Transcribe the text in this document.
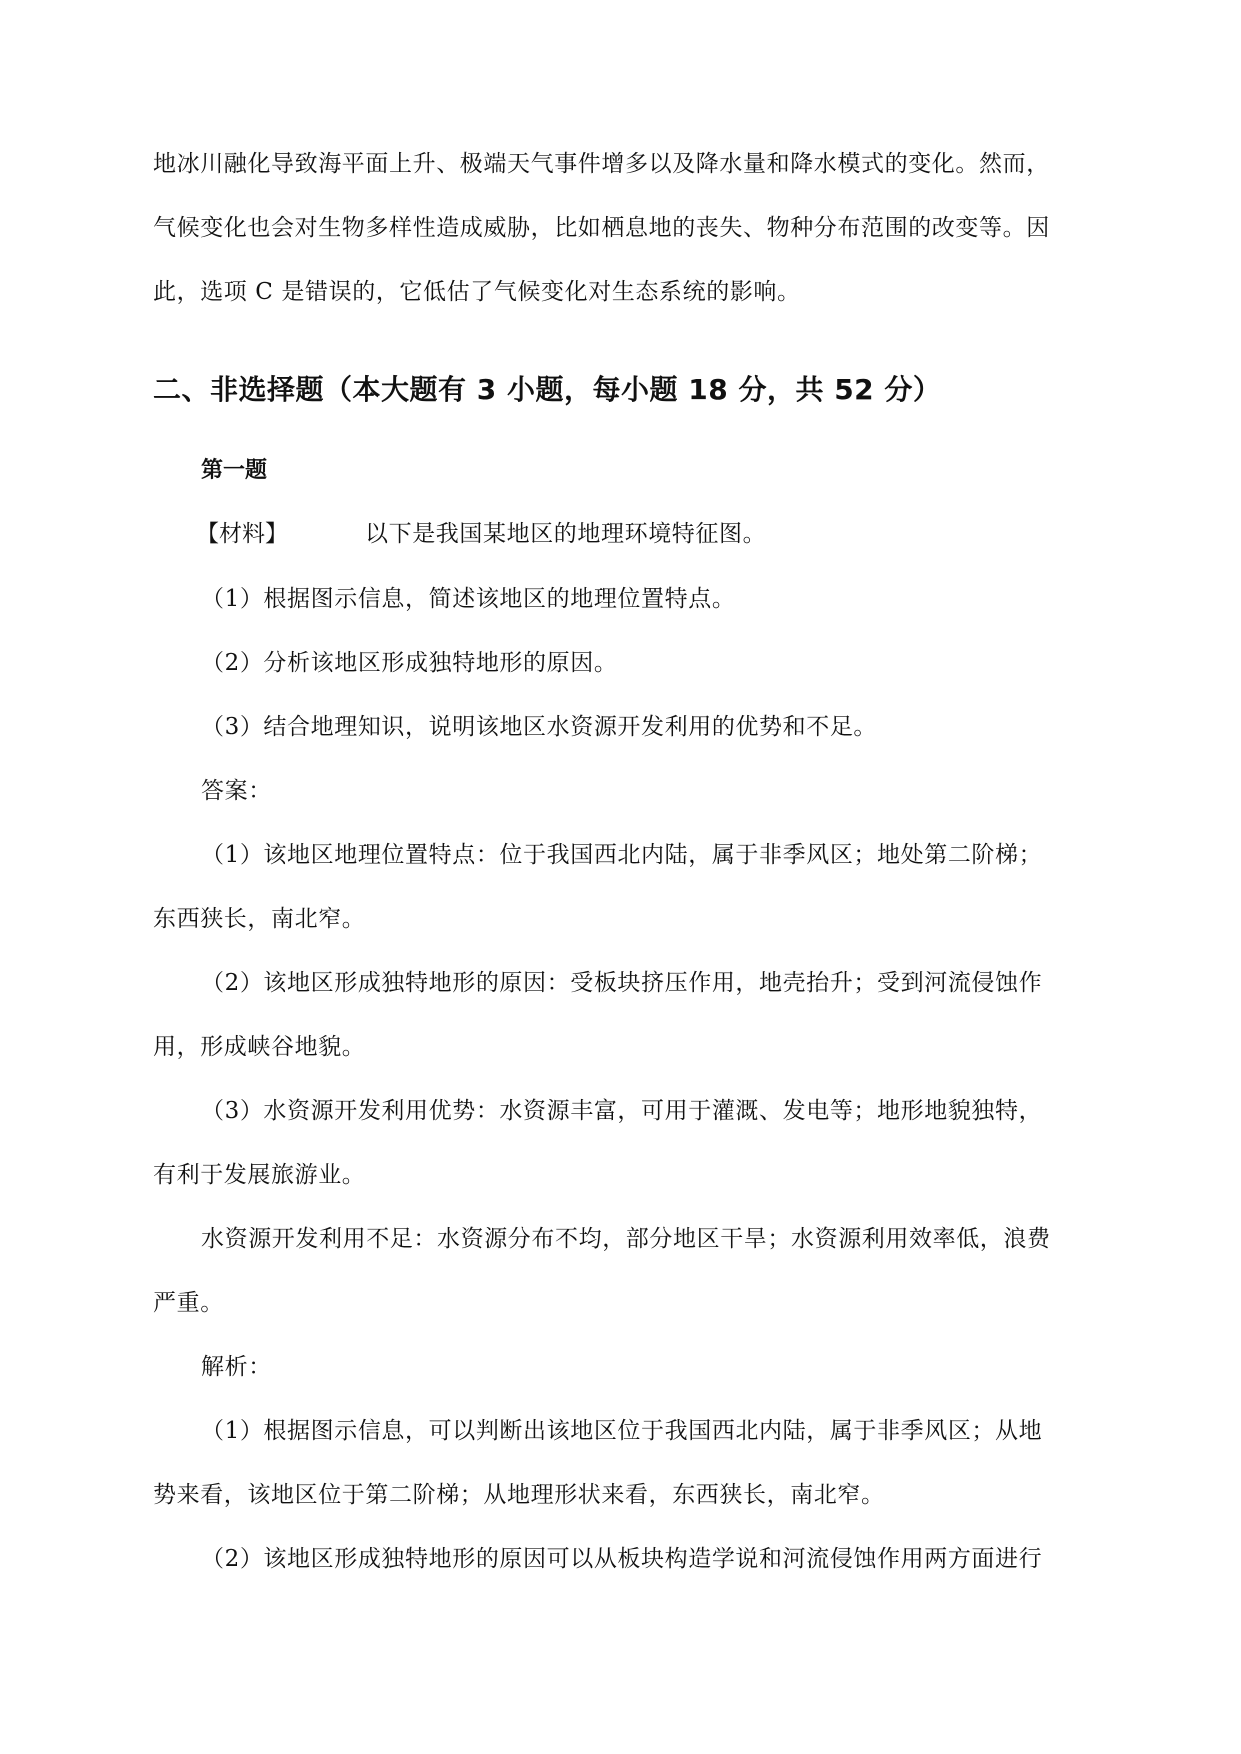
地冰川融化导致海平面上升、极端天气事件增多以及降水量和降水模式的变化。然而，
气候变化也会对生物多样性造成威胁，比如栖息地的丧失、物种分布范围的改变等。因
此，选项 C 是错误的，它低估了气候变化对生态系统的影响。
二、非选择题（本大题有 3 小题，每小题 18 分，共 52 分）
第一题
【材料】	以下是我国某地区的地理环境特征图。
（1）根据图示信息，简述该地区的地理位置特点。
（2）分析该地区形成独特地形的原因。
（3）结合地理知识，说明该地区水资源开发利用的优势和不足。
答案：
（1）该地区地理位置特点：位于我国西北内陆，属于非季风区；地处第二阶梯；
东西狭长，南北窄。
（2）该地区形成独特地形的原因：受板块挤压作用，地壳抬升；受到河流侵蚀作
用，形成峡谷地貌。
（3）水资源开发利用优势：水资源丰富，可用于灌溉、发电等；地形地貌独特，
有利于发展旅游业。
水资源开发利用不足：水资源分布不均，部分地区干旱；水资源利用效率低，浪费
严重。
解析：
（1）根据图示信息，可以判断出该地区位于我国西北内陆，属于非季风区；从地
势来看，该地区位于第二阶梯；从地理形状来看，东西狭长，南北窄。
（2）该地区形成独特地形的原因可以从板块构造学说和河流侵蚀作用两方面进行
